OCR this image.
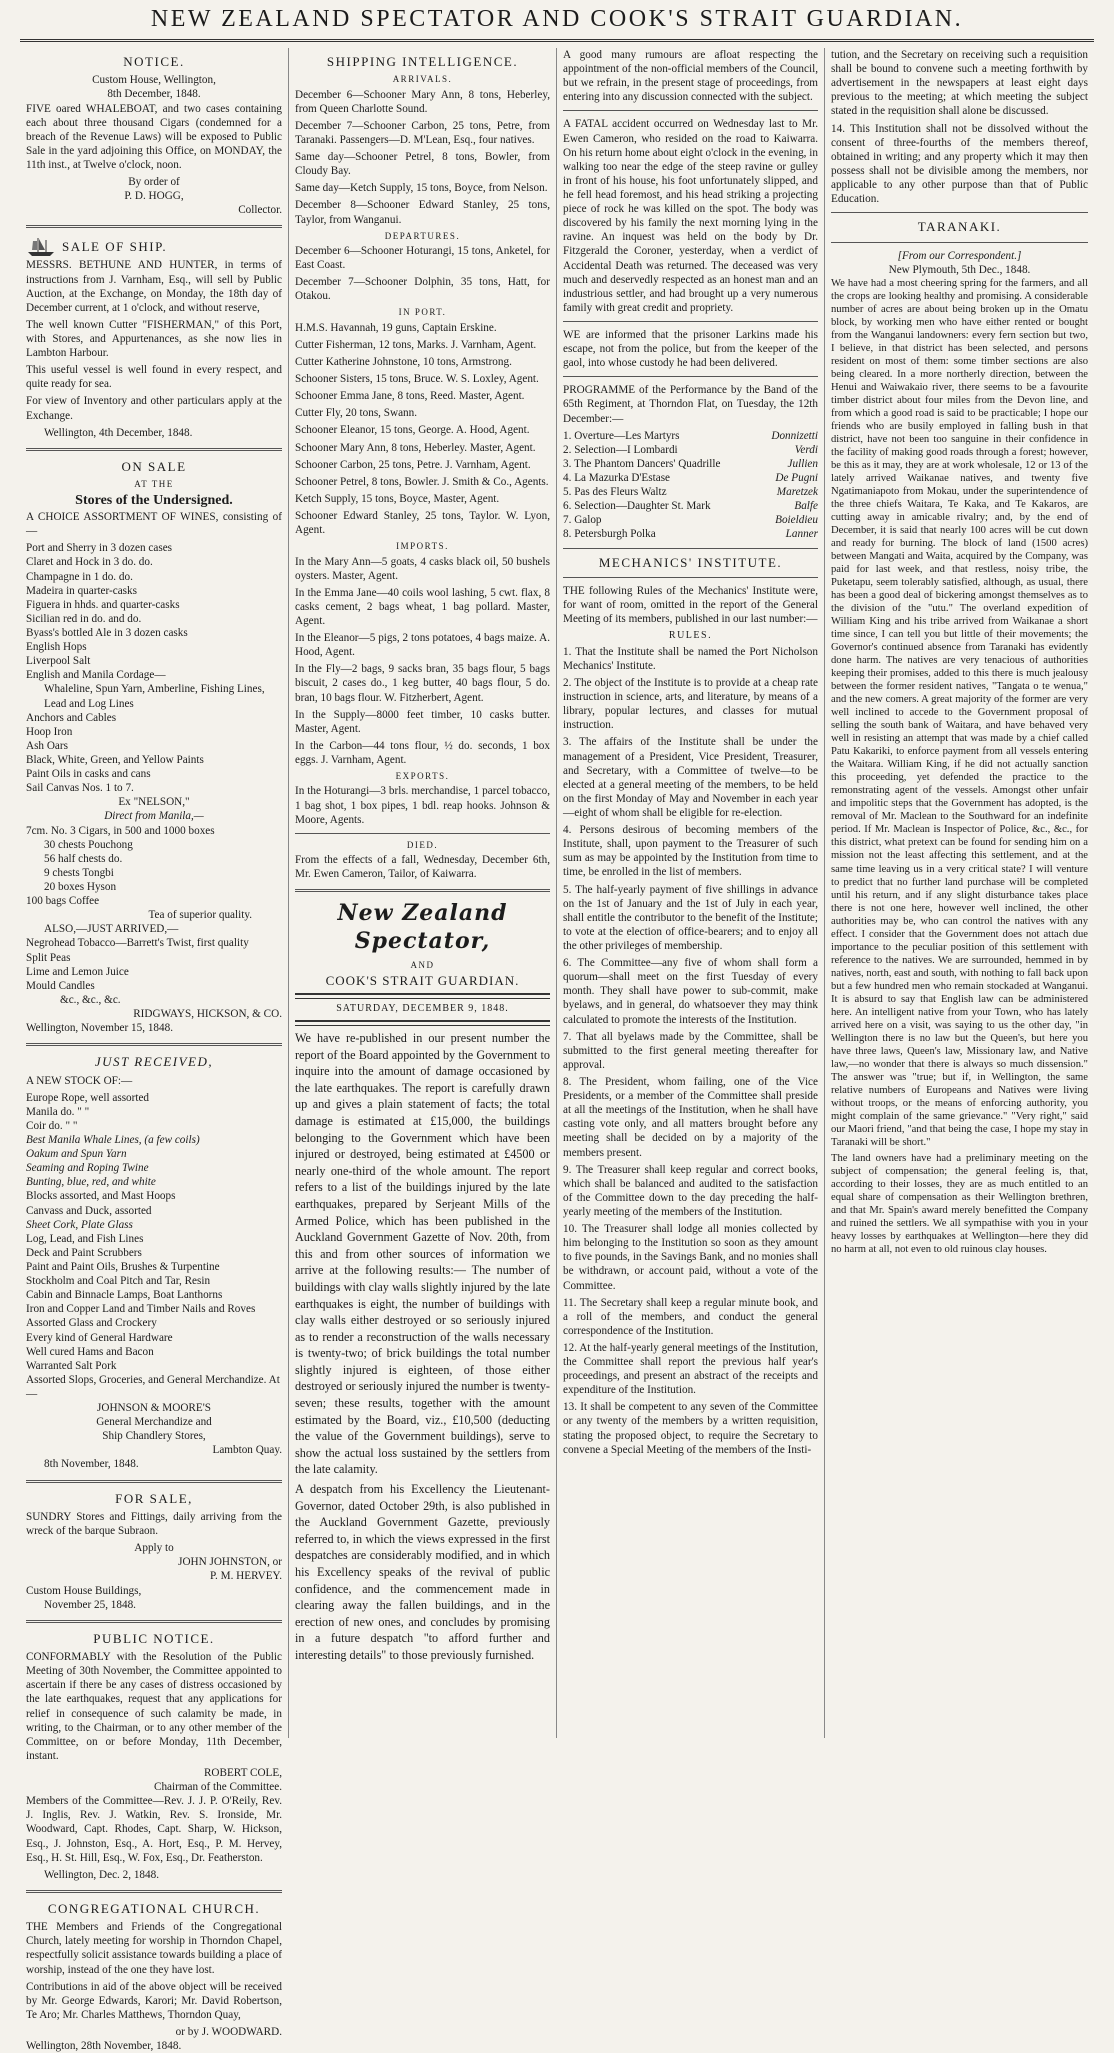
NEW ZEALAND SPECTATOR AND COOK'S STRAIT GUARDIAN.
NOTICE.
Custom House, Wellington,
8th December, 1848.

FIVE oared WHALEBOAT, and two cases containing each about three thousand Cigars (condemned for a breach of the Revenue Laws) will be exposed to Public Sale in the yard adjoining this Office, on MONDAY, the 11th inst., at Twelve o'clock, noon.

By order of
P. D. HOGG,
Collector.
SALE OF SHIP.

MESSRS. BETHUNE AND HUNTER, in terms of instructions from J. Varnham, Esq., will sell by Public Auction, at the Exchange, on Monday, the 18th day of December current, at 1 o'clock, and without reserve,

The well known Cutter "FISHERMAN," of this Port, with Stores, and Appurtenances, as she now lies in Lambton Harbour.

This useful vessel is well found in every respect, and quite ready for sea.

For view of Inventory and other particulars apply at the Exchange.

Wellington, 4th December, 1848.
ON SALE
AT THE
Stores of the Undersigned.

A CHOICE ASSORTMENT OF WINES, consisting of—

Port and Sherry in 3 dozen cases
Claret and Hock in 3 do. do.
Champagne in 1 do. do.
Madeira in quarter-casks
Figuera in hhds. and quarter-casks
Sicilian red in do. and do.
Byass's bottled Ale in 3 dozen casks
English Hops
Liverpool Salt
English and Manila Cordage—
Whaleline, Spun Yarn, Amberline, Fishing Lines, Lead and Log Lines
Anchors and Cables
Hoop Iron
Ash Oars
Black, White, Green, and Yellow Paints
Paint Oils in casks and cans
Sail Canvas Nos. 1 to 7.
Ex "NELSON,"
Direct from Manila,—
7cm. No. 3 Cigars, in 500 and 1000 boxes
30 chests Pouchong
56 half chests do.
9 chests Tongbi
20 boxes Hyson
100 bags Coffee
Tea of superior quality.
ALSO,—JUST ARRIVED,—
Negrohead Tobacco—Barrett's Twist, first quality
Split Peas
Lime and Lemon Juice
Mould Candles
&c., &c., &c.
RIDGWAYS, HICKSON, & CO.
Wellington, November 15, 1848.
JUST RECEIVED,

A NEW STOCK OF:—

Europe Rope, well assorted
Manila do. " "
Coir do. " "
Best Manila Whale Lines, (a few coils)
Oakum and Spun Yarn
Seaming and Roping Twine
Bunting, blue, red, and white
Blocks assorted, and Mast Hoops
Canvass and Duck, assorted
Sheet Cork, Plate Glass
Log, Lead, and Fish Lines
Deck and Paint Scrubbers
Paint and Paint Oils, Brushes & Turpentine
Stockholm and Coal Pitch and Tar, Resin
Cabin and Binnacle Lamps, Boat Lanthorns
Iron and Copper Land and Timber Nails and Roves
Assorted Glass and Crockery
Every kind of General Hardware
Well cured Hams and Bacon
Warranted Salt Pork
Assorted Slops, Groceries, and General Merchandize. At—
JOHNSON & MOORE'S
General Merchandize and
Ship Chandlery Stores,
Lambton Quay.
8th November, 1848.
FOR SALE,

SUNDRY Stores and Fittings, daily arriving from the wreck of the barque Subraon.

Apply to
JOHN JOHNSTON, or
P. M. HERVEY.
Custom House Buildings,
November 25, 1848.
PUBLIC NOTICE.

CONFORMABLY with the Resolution of the Public Meeting of 30th November, the Committee appointed to ascertain if there be any cases of distress occasioned by the late earthquakes, request that any applications for relief in consequence of such calamity be made, in writing, to the Chairman, or to any other member of the Committee, on or before Monday, 11th December, instant.

ROBERT COLE,
Chairman of the Committee.

Members of the Committee—Rev. J. J. P. O'Reily, Rev. J. Inglis, Rev. J. Watkin, Rev. S. Ironside, Mr. Woodward, Capt. Rhodes, Capt. Sharp, W. Hickson, Esq., J. Johnston, Esq., A. Hort, Esq., P. M. Hervey, Esq., H. St. Hill, Esq., W. Fox, Esq., Dr. Featherston.

Wellington, Dec. 2, 1848.
CONGREGATIONAL CHURCH.

THE Members and Friends of the Congregational Church, lately meeting for worship in Thorndon Chapel, respectfully solicit assistance towards building a place of worship, instead of the one they have lost.

Contributions in aid of the above object will be received by Mr. George Edwards, Karori; Mr. David Robertson, Te Aro; Mr. Charles Matthews, Thorndon Quay,

or by J. WOODWARD.
Wellington, 28th November, 1848.
SHIPPING INTELLIGENCE.
ARRIVALS.

December 6—Schooner Mary Ann, 8 tons, Heberley, from Queen Charlotte Sound.

December 7—Schooner Carbon, 25 tons, Petre, from Taranaki. Passengers—D. M'Lean, Esq., four natives.

Same day—Schooner Petrel, 8 tons, Bowler, from Cloudy Bay.

Same day—Ketch Supply, 15 tons, Boyce, from Nelson.

December 8—Schooner Edward Stanley, 25 tons, Taylor, from Wanganui.

DEPARTURES.

December 6—Schooner Hoturangi, 15 tons, Anketel, for East Coast.

December 7—Schooner Dolphin, 35 tons, Hatt, for Otakou.

IN PORT.

H.M.S. Havannah, 19 guns, Captain Erskine.

Cutter Fisherman, 12 tons, Marks. J. Varnham, Agent.

Cutter Katherine Johnstone, 10 tons, Armstrong.

Schooner Sisters, 15 tons, Bruce. W. S. Loxley, Agent.

Schooner Emma Jane, 8 tons, Reed. Master, Agent.

Cutter Fly, 20 tons, Swann.

Schooner Eleanor, 15 tons, George. A. Hood, Agent.

Schooner Mary Ann, 8 tons, Heberley. Master, Agent.

Schooner Carbon, 25 tons, Petre. J. Varnham, Agent.

Schooner Petrel, 8 tons, Bowler. J. Smith & Co., Agents.

Ketch Supply, 15 tons, Boyce, Master, Agent.

Schooner Edward Stanley, 25 tons, Taylor. W. Lyon, Agent.

IMPORTS.

In the Mary Ann—5 goats, 4 casks black oil, 50 bushels oysters. Master, Agent.

In the Emma Jane—40 coils wool lashing, 5 cwt. flax, 8 casks cement, 2 bags wheat, 1 bag pollard. Master, Agent.

In the Eleanor—5 pigs, 2 tons potatoes, 4 bags maize. A. Hood, Agent.

In the Fly—2 bags, 9 sacks bran, 35 bags flour, 5 bags biscuit, 2 cases do., 1 keg butter, 40 bags flour, 5 do. bran, 10 bags flour. W. Fitzherbert, Agent.

In the Supply—8000 feet timber, 10 casks butter. Master, Agent.

In the Carbon—44 tons flour, ½ do. seconds, 1 box eggs. J. Varnham, Agent.

EXPORTS.

In the Hoturangi—3 brls. merchandise, 1 parcel tobacco, 1 bag shot, 1 box pipes, 1 bdl. reap hooks. Johnson & Moore, Agents.

DIED.

From the effects of a fall, Wednesday, December 6th, Mr. Ewen Cameron, Tailor, of Kaiwarra.

New Zealand Spectator,
AND
COOK'S STRAIT GUARDIAN.
SATURDAY, DECEMBER 9, 1848.

We have re-published in our present number the report of the Board appointed by the Government to inquire into the amount of damage occasioned by the late earthquakes. The report is carefully drawn up and gives a plain statement of facts; the total damage is estimated at £15,000, the buildings belonging to the Government which have been injured or destroyed, being estimated at £4500 or nearly one-third of the whole amount. The report refers to a list of the buildings injured by the late earthquakes, prepared by Serjeant Mills of the Armed Police, which has been published in the Auckland Government Gazette of Nov. 20th, from this and from other sources of information we arrive at the following results:— The number of buildings with clay walls slightly injured by the late earthquakes is eight, the number of buildings with clay walls either destroyed or so seriously injured as to render a reconstruction of the walls necessary is twenty-two; of brick buildings the total number slightly injured is eighteen, of those either destroyed or seriously injured the number is twenty-seven; these results, together with the amount estimated by the Board, viz., £10,500 (deducting the value of the Government buildings), serve to show the actual loss sustained by the settlers from the late calamity.

A despatch from his Excellency the Lieutenant-Governor, dated October 29th, is also published in the Auckland Government Gazette, previously referred to, in which the views expressed in the first despatches are considerably modified, and in which his Excellency speaks of the revival of public confidence, and the commencement made in clearing away the fallen buildings, and in the erection of new ones, and concludes by promising in a future despatch "to afford further and interesting details" to those previously furnished.

A good many rumours are afloat respecting the appointment of the non-official members of the Council, but we refrain, in the present stage of proceedings, from entering into any discussion connected with the subject.

A FATAL accident occurred on Wednesday last to Mr. Ewen Cameron, who resided on the road to Kaiwarra. On his return home about eight o'clock in the evening, in walking too near the edge of the steep ravine or gulley in front of his house, his foot unfortunately slipped, and he fell head foremost, and his head striking a projecting piece of rock he was killed on the spot. The body was discovered by his family the next morning lying in the ravine. An inquest was held on the body by Dr. Fitzgerald the Coroner, yesterday, when a verdict of Accidental Death was returned. The deceased was very much and deservedly respected as an honest man and an industrious settler, and had brought up a very numerous family with great credit and propriety.

WE are informed that the prisoner Larkins made his escape, not from the police, but from the keeper of the gaol, into whose custody he had been delivered.

PROGRAMME of the Performance by the Band of the 65th Regiment, at Thorndon Flat, on Tuesday, the 12th December:—

1. Overture—Les Martyrs	Donnizetti
2. Selection—I Lombardi	Verdi
3. The Phantom Dancers' Quadrille	Jullien
4. La Mazurka D'Estase	De Pugni
5. Pas des Fleurs Waltz	Maretzek
6. Selection—Daughter St. Mark	Balfe
7. Galop	Boieldieu
8. Petersburgh Polka	Lanner
MECHANICS' INSTITUTE.

THE following Rules of the Mechanics' Institute were, for want of room, omitted in the report of the General Meeting of its members, published in our last number:—

RULES.

1. That the Institute shall be named the Port Nicholson Mechanics' Institute.

2. The object of the Institute is to provide at a cheap rate instruction in science, arts, and literature, by means of a library, popular lectures, and classes for mutual instruction.

3. The affairs of the Institute shall be under the management of a President, Vice President, Treasurer, and Secretary, with a Committee of twelve—to be elected at a general meeting of the members, to be held on the first Monday of May and November in each year—eight of whom shall be eligible for re-election.

4. Persons desirous of becoming members of the Institute, shall, upon payment to the Treasurer of such sum as may be appointed by the Institution from time to time, be enrolled in the list of members.

5. The half-yearly payment of five shillings in advance on the 1st of January and the 1st of July in each year, shall entitle the contributor to the benefit of the Institute; to vote at the election of office-bearers; and to enjoy all the other privileges of membership.

6. The Committee—any five of whom shall form a quorum—shall meet on the first Tuesday of every month. They shall have power to sub-commit, make byelaws, and in general, do whatsoever they may think calculated to promote the interests of the Institution.

7. That all byelaws made by the Committee, shall be submitted to the first general meeting thereafter for approval.

8. The President, whom failing, one of the Vice Presidents, or a member of the Committee shall preside at all the meetings of the Institution, when he shall have casting vote only, and all matters brought before any meeting shall be decided on by a majority of the members present.

9. The Treasurer shall keep regular and correct books, which shall be balanced and audited to the satisfaction of the Committee down to the day preceding the half-yearly meeting of the members of the Institution.

10. The Treasurer shall lodge all monies collected by him belonging to the Institution so soon as they amount to five pounds, in the Savings Bank, and no monies shall be withdrawn, or account paid, without a vote of the Committee.

11. The Secretary shall keep a regular minute book, and a roll of the members, and conduct the general correspondence of the Institution.

12. At the half-yearly general meetings of the Institution, the Committee shall report the previous half year's proceedings, and present an abstract of the receipts and expenditure of the Institution.

13. It shall be competent to any seven of the Committee or any twenty of the members by a written requisition, stating the proposed object, to require the Secretary to convene a Special Meeting of the members of the Insti-

tution, and the Secretary on receiving such a requisition shall be bound to convene such a meeting forthwith by advertisement in the newspapers at least eight days previous to the meeting; at which meeting the subject stated in the requisition shall alone be discussed.

14. This Institution shall not be dissolved without the consent of three-fourths of the members thereof, obtained in writing; and any property which it may then possess shall not be divisible among the members, nor applicable to any other purpose than that of Public Education.

TARANAKI.
[From our Correspondent.]
New Plymouth, 5th Dec., 1848.

We have had a most cheering spring for the farmers, and all the crops are looking healthy and promising. A considerable number of acres are about being broken up in the Omatu block, by working men who have either rented or bought from the Wanganui landowners: every fern section but two, I believe, in that district has been selected, and persons resident on most of them: some timber sections are also being cleared. In a more northerly direction, between the Henui and Waiwakaio river, there seems to be a favourite timber district about four miles from the Devon line, and from which a good road is said to be practicable; I hope our friends who are busily employed in falling bush in that district, have not been too sanguine in their confidence in the facility of making good roads through a forest; however, be this as it may, they are at work wholesale, 12 or 13 of the lately arrived Waikanae natives, and twenty five Ngatimaniapoto from Mokau, under the superintendence of the three chiefs Waitara, Te Kaka, and Te Kakaros, are cutting away in amicable rivalry; and, by the end of December, it is said that nearly 100 acres will be cut down and ready for burning. The block of land (1500 acres) between Mangati and Waita, acquired by the Company, was paid for last week, and that restless, noisy tribe, the Puketapu, seem tolerably satisfied, although, as usual, there has been a good deal of bickering amongst themselves as to the division of the "utu." The overland expedition of William King and his tribe arrived from Waikanae a short time since, I can tell you but little of their movements; the Governor's continued absence from Taranaki has evidently done harm. The natives are very tenacious of authorities keeping their promises, added to this there is much jealousy between the former resident natives, "Tangata o te wenua," and the new comers. A great majority of the former are very well inclined to accede to the Government proposal of selling the south bank of Waitara, and have behaved very well in resisting an attempt that was made by a chief called Patu Kakariki, to enforce payment from all vessels entering the Waitara. William King, if he did not actually sanction this proceeding, yet defended the practice to the remonstrating agent of the vessels. Amongst other unfair and impolitic steps that the Government has adopted, is the removal of Mr. Maclean to the Southward for an indefinite period. If Mr. Maclean is Inspector of Police, &c., &c., for this district, what pretext can be found for sending him on a mission not the least affecting this settlement, and at the same time leaving us in a very critical state? I will venture to predict that no further land purchase will be completed until his return, and if any slight disturbance takes place there is not one here, however well inclined, the other authorities may be, who can control the natives with any effect. I consider that the Government does not attach due importance to the peculiar position of this settlement with reference to the natives. We are surrounded, hemmed in by natives, north, east and south, with nothing to fall back upon but a few hundred men who remain stockaded at Wanganui. It is absurd to say that English law can be administered here. An intelligent native from your Town, who has lately arrived here on a visit, was saying to us the other day, "in Wellington there is no law but the Queen's, but here you have three laws, Queen's law, Missionary law, and Native law,—no wonder that there is always so much dissension." The answer was "true; but if, in Wellington, the same relative numbers of Europeans and Natives were living without troops, or the means of enforcing authority, you might complain of the same grievance." "Very right," said our Maori friend, "and that being the case, I hope my stay in Taranaki will be short."

The land owners have had a preliminary meeting on the subject of compensation; the general feeling is, that, according to their losses, they are as much entitled to an equal share of compensation as their Wellington brethren, and that Mr. Spain's award merely benefitted the Company and ruined the settlers. We all sympathise with you in your heavy losses by earthquakes at Wellington—here they did no harm at all, not even to old ruinous clay houses.
